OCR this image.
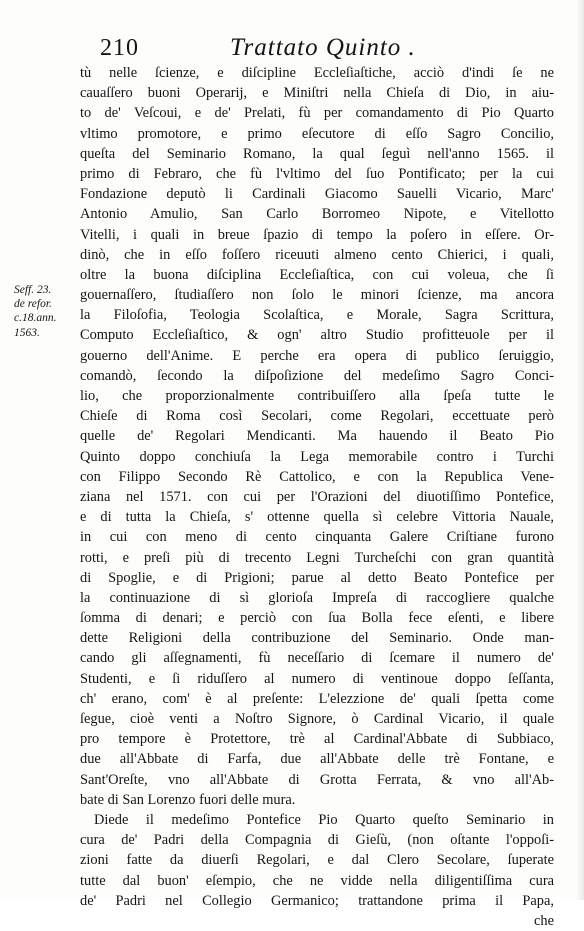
210	Trattato Quinto .
Seff. 23.
de refor.
c.18.ann.
1563.
tù nelle ſcienze, e diſcipline Eccleſiaſtiche, acciò d'indi ſe ne
cauaſſero buoni Operarij, e Miniſtri nella Chieſa di Dio, in aiu-
to de' Veſcoui, e de' Prelati, fù per comandamento di Pio Quarto
vltimo promotore, e primo eſecutore di eſſo Sagro Concilio,
queſta del Seminario Romano, la qual ſeguì nell'anno 1565. il
primo di Febraro, che fù l'vltimo del ſuo Pontificato; per la cui
Fondazione deputò li Cardinali Giacomo Sauelli Vicario, Marc'
Antonio Amulio, San Carlo Borromeo Nipote, e Vitellotto
Vitelli, i quali in breue ſpazio di tempo la poſero in eſſere. Or-
dinò, che in eſſo foſſero riceuuti almeno cento Chierici, i quali,
oltre la buona diſciplina Eccleſiaſtica, con cui voleua, che ſi
gouernaſſero, ſtudiaſſero non ſolo le minori ſcienze, ma ancora
la Filoſofia, Teologia Scolaſtica, e Morale, Sagra Scrittura,
Computo Eccleſiaſtico, & ogn' altro Studio profitteuole per il
gouerno dell'Anime. E perche era opera di publico ſeruiggio,
comandò, ſecondo la diſpoſizione del medeſimo Sagro Conci-
lio, che proporzionalmente contribuiſſero alla ſpeſa tutte le
Chieſe di Roma così Secolari, come Regolari, eccettuate però
quelle de' Regolari Mendicanti. Ma hauendo il Beato Pio
Quinto doppo conchiuſa la Lega memorabile contro i Turchi
con Filippo Secondo Rè Cattolico, e con la Republica Vene-
ziana nel 1571. con cui per l'Orazioni del diuotiſſimo Pontefice,
e di tutta la Chieſa, s' ottenne quella sì celebre Vittoria Nauale,
in cui con meno di cento cinquanta Galere Criſtiane furono
rotti, e preſi più di trecento Legni Turcheſchi con gran quantità
di Spoglie, e di Prigioni; parue al detto Beato Pontefice per
la continuazione di sì glorioſa Impreſa di raccogliere qualche
ſomma di denari; e perciò con ſua Bolla fece eſenti, e libere
dette Religioni della contribuzione del Seminario. Onde man-
cando gli aſſegnamenti, fù neceſſario di ſcemare il numero de'
Studenti, e ſi riduſſero al numero di ventinoue doppo ſeſſanta,
ch' erano, com' è al preſente: L'elezzione de' quali ſpetta come
ſegue, cioè venti a Noſtro Signore, ò Cardinal Vicario, il quale
pro tempore è Protettore, trè al Cardinal'Abbate di Subbiaco,
due all'Abbate di Farfa, due all'Abbate delle trè Fontane, e
Sant'Oreſte, vno all'Abbate di Grotta Ferrata, & vno all'Ab-
bate di San Lorenzo fuori delle mura.
Diede il medeſimo Pontefice Pio Quarto queſto Seminario in
cura de' Padri della Compagnia di Gieſù, (non oſtante l'oppoſi-
zioni fatte da diuerſi Regolari, e dal Clero Secolare, ſuperate
tutte dal buon' eſempio, che ne vidde nella diligentiſſima cura
de' Padri nel Collegio Germanico; trattandone prima il Papa,
che
